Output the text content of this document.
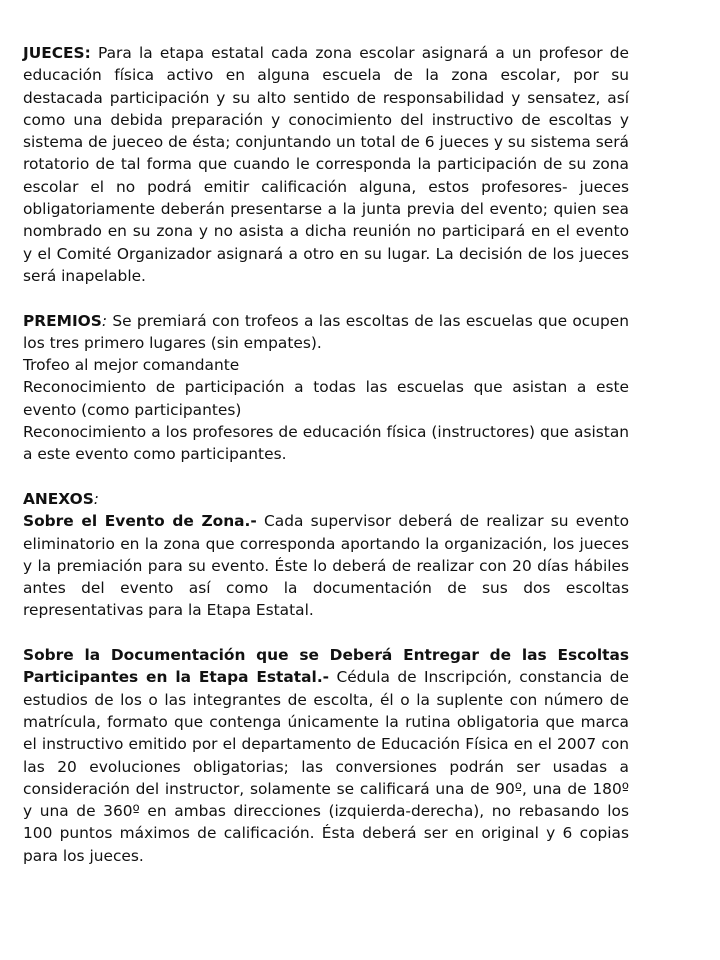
JUECES: Para la etapa estatal cada zona escolar asignará a un profesor de educación física activo en alguna escuela de la zona escolar, por su destacada participación y su alto sentido de responsabilidad y sensatez, así como una debida preparación y conocimiento del instructivo de escoltas y sistema de jueceo de ésta; conjuntando un total de 6 jueces y su sistema será rotatorio de tal forma que cuando le corresponda la participación de su zona escolar el no podrá emitir calificación alguna, estos profesores- jueces obligatoriamente deberán presentarse a la junta previa del evento; quien sea nombrado en su zona y no asista a dicha reunión no participará en el evento y el Comité Organizador asignará a otro en su lugar. La decisión de los jueces será inapelable.

PREMIOS: Se premiará con trofeos a las escoltas de las escuelas que ocupen los tres primero lugares (sin empates).

Trofeo al mejor comandante

Reconocimiento de participación a todas las escuelas que asistan a este evento (como participantes)

Reconocimiento a los profesores de educación física (instructores) que asistan a este evento como participantes.

ANEXOS:

Sobre el Evento de Zona.- Cada supervisor deberá de realizar su evento eliminatorio en la zona que corresponda aportando la organización, los jueces y la premiación para su evento. Éste lo deberá de realizar con 20 días hábiles antes del evento así como la documentación de sus dos escoltas representativas para la Etapa Estatal.

Sobre la Documentación que se Deberá Entregar de las Escoltas Participantes en la Etapa Estatal.- Cédula de Inscripción, constancia de estudios de los o las integrantes de escolta, él o la suplente con número de matrícula, formato que contenga únicamente la rutina obligatoria que marca el instructivo emitido por el departamento de Educación Física en el 2007 con las 20 evoluciones obligatorias; las conversiones podrán ser usadas a consideración del instructor, solamente se calificará una de 90º, una de 180º y una de 360º en ambas direcciones (izquierda-derecha), no rebasando los 100 puntos máximos de calificación. Ésta deberá ser en original y 6 copias para los jueces.
